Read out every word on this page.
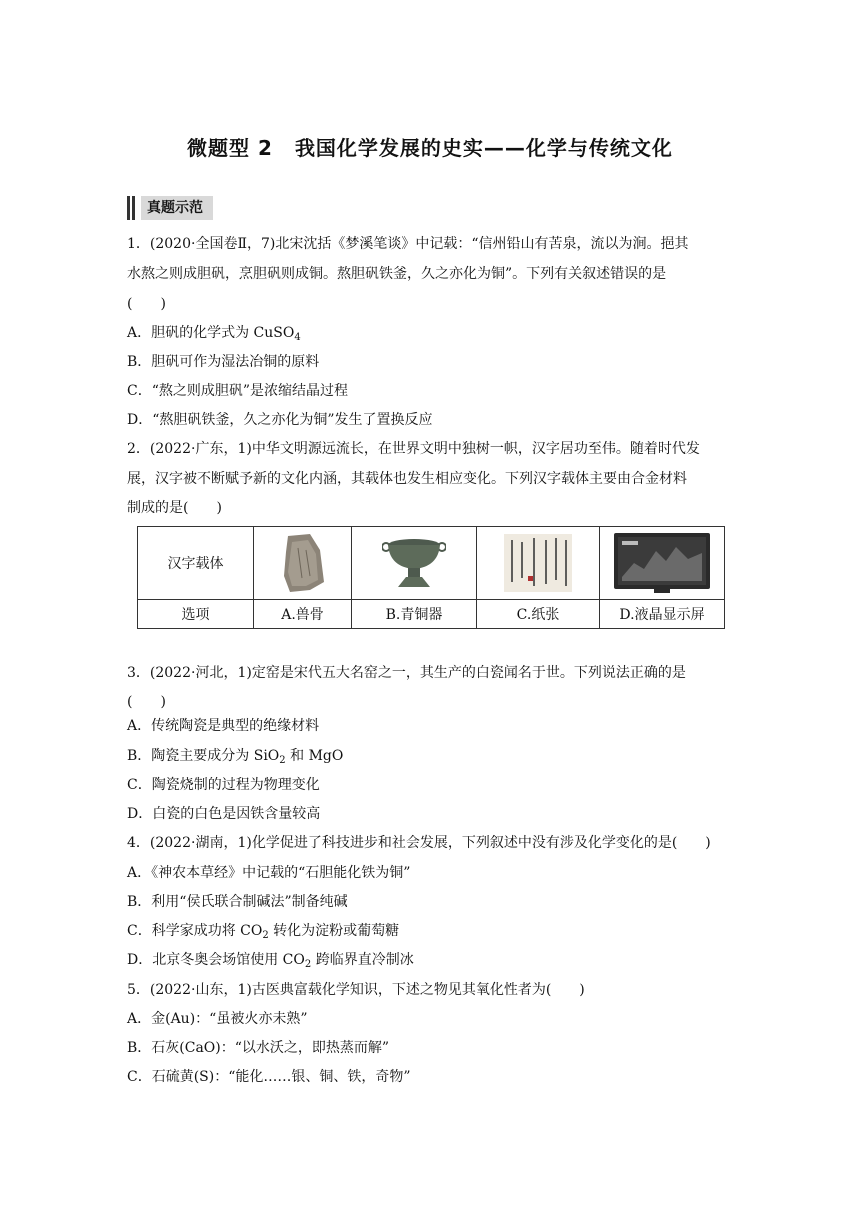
微题型 2 我国化学发展的史实——化学与传统文化
真题示范
1．(2020·全国卷Ⅱ，7)北宋沈括《梦溪笔谈》中记载：“信州铅山有苦泉，流以为涧。挹其
水熬之则成胆矾，烹胆矾则成铜。熬胆矾铁釜，久之亦化为铜”。下列有关叙述错误的是
(　　)
A．胆矾的化学式为 CuSO$_4$
B．胆矾可作为湿法冶铜的原料
C．“熬之则成胆矾”是浓缩结晶过程
D．“熬胆矾铁釜，久之亦化为铜”发生了置换反应
2．(2022·广东，1)中华文明源远流长，在世界文明中独树一帜，汉字居功至伟。随着时代发
展，汉字被不断赋予新的文化内涵，其载体也发生相应变化。下列汉字载体主要由合金材料
制成的是(　　)
汉字载体	

选项	A.兽骨	B.青铜器	C.纸张	D.液晶显示屏
3．(2022·河北，1)定窑是宋代五大名窑之一，其生产的白瓷闻名于世。下列说法正确的是
(　　)
A．传统陶瓷是典型的绝缘材料
B．陶瓷主要成分为 SiO$_2$ 和 MgO
C．陶瓷烧制的过程为物理变化
D．白瓷的白色是因铁含量较高
4．(2022·湖南，1)化学促进了科技进步和社会发展，下列叙述中没有涉及化学变化的是(　　)
A．《神农本草经》中记载的“石胆能化铁为铜”
B．利用“侯氏联合制碱法”制备纯碱
C．科学家成功将 $CO_2$ 转化为淀粉或葡萄糖
D．北京冬奥会场馆使用 $CO_2$ 跨临界直冷制冰
5．(2022·山东，1)古医典富载化学知识，下述之物见其氧化性者为(　　)
A．金(Au)：“虽被火亦未熟”
B．石灰(CaO)：“以水沃之，即热蒸而解”
C．石硫黄(S)：“能化……银、铜、铁，奇物”
